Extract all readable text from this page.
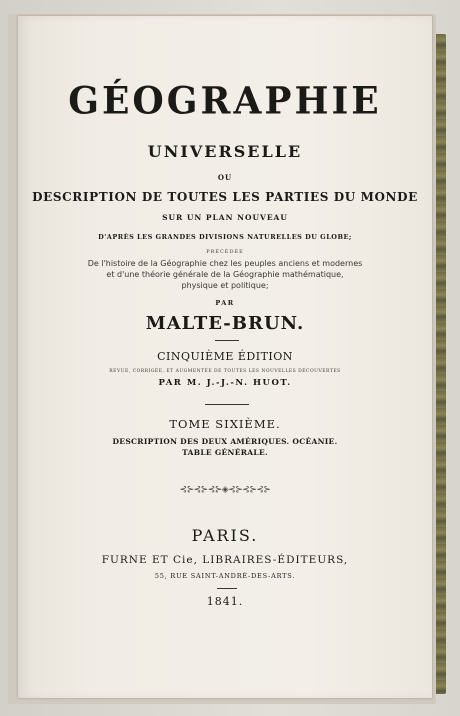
GÉOGRAPHIE
UNIVERSELLE
OU
DESCRIPTION DE TOUTES LES PARTIES DU MONDE
SUR UN PLAN NOUVEAU
D'APRÈS LES GRANDES DIVISIONS NATURELLES DU GLOBE;
PRÉCÉDÉE
De l'histoire de la Géographie chez les peuples anciens et modernes
et d'une théorie générale de la Géographie mathématique,
physique et politique;
PAR
MALTE-BRUN.
CINQUIÈME ÉDITION
REVUE, CORRIGÉE, ET AUGMENTÉE DE TOUTES LES NOUVELLES DÉCOUVERTES
PAR M. J.-J.-N. HUOT.
TOME SIXIÈME.
DESCRIPTION DES DEUX AMÉRIQUES. OCÉANIE.
TABLE GÉNÉRALE.
⊰⊱⊰⊱⊰⊱◈⊰⊱⊰⊱⊰⊱
PARIS.
FURNE ET Cie, LIBRAIRES-ÉDITEURS,
55, RUE SAINT-ANDRÉ-DES-ARTS.
1841.
